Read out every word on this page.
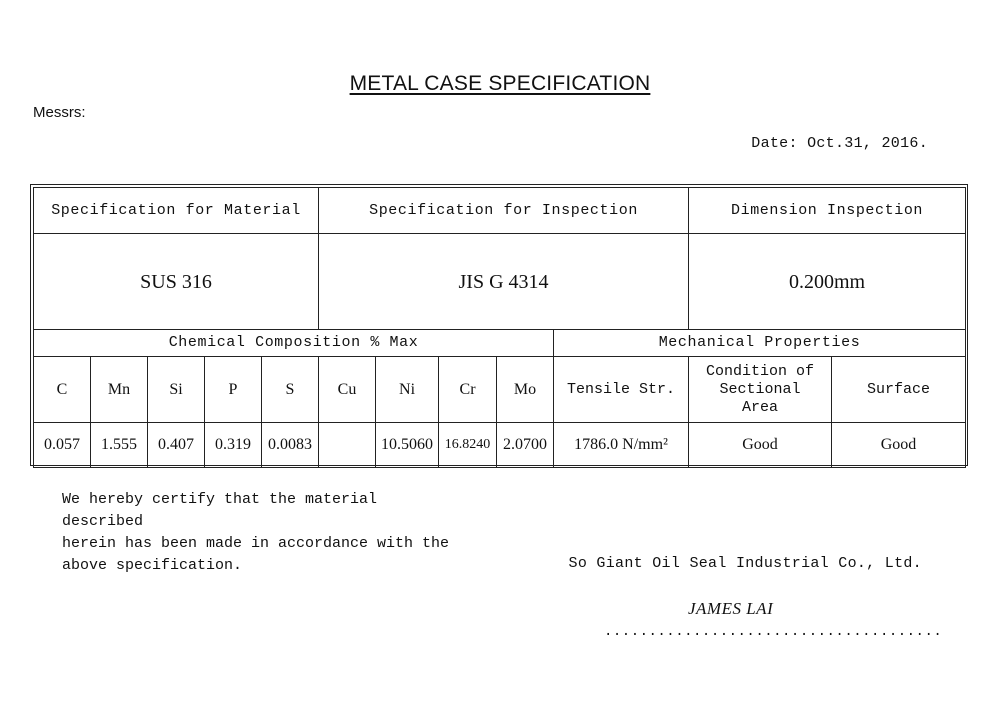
METAL CASE SPECIFICATION
Messrs:
Date: Oct.31, 2016.
Specification for Material					Specification for Inspection					Dimension Inspection	
SUS 316					JIS G 4314					0.200mm	
Chemical Composition % Max									Mechanical Properties		
C	Mn	Si	P	S	Cu	Ni	Cr	Mo	Tensile Str.	Condition of Sectional Area	Surface
0.057	1.555	0.407	0.319	0.0083		10.5060	16.8240	2.0700	1786.0 N/mm²	Good	Good
We hereby certify that the material described
herein has been made in accordance with the
above specification.	So Giant Oil Seal Industrial Co., Ltd.
JAMES LAI
......................................
